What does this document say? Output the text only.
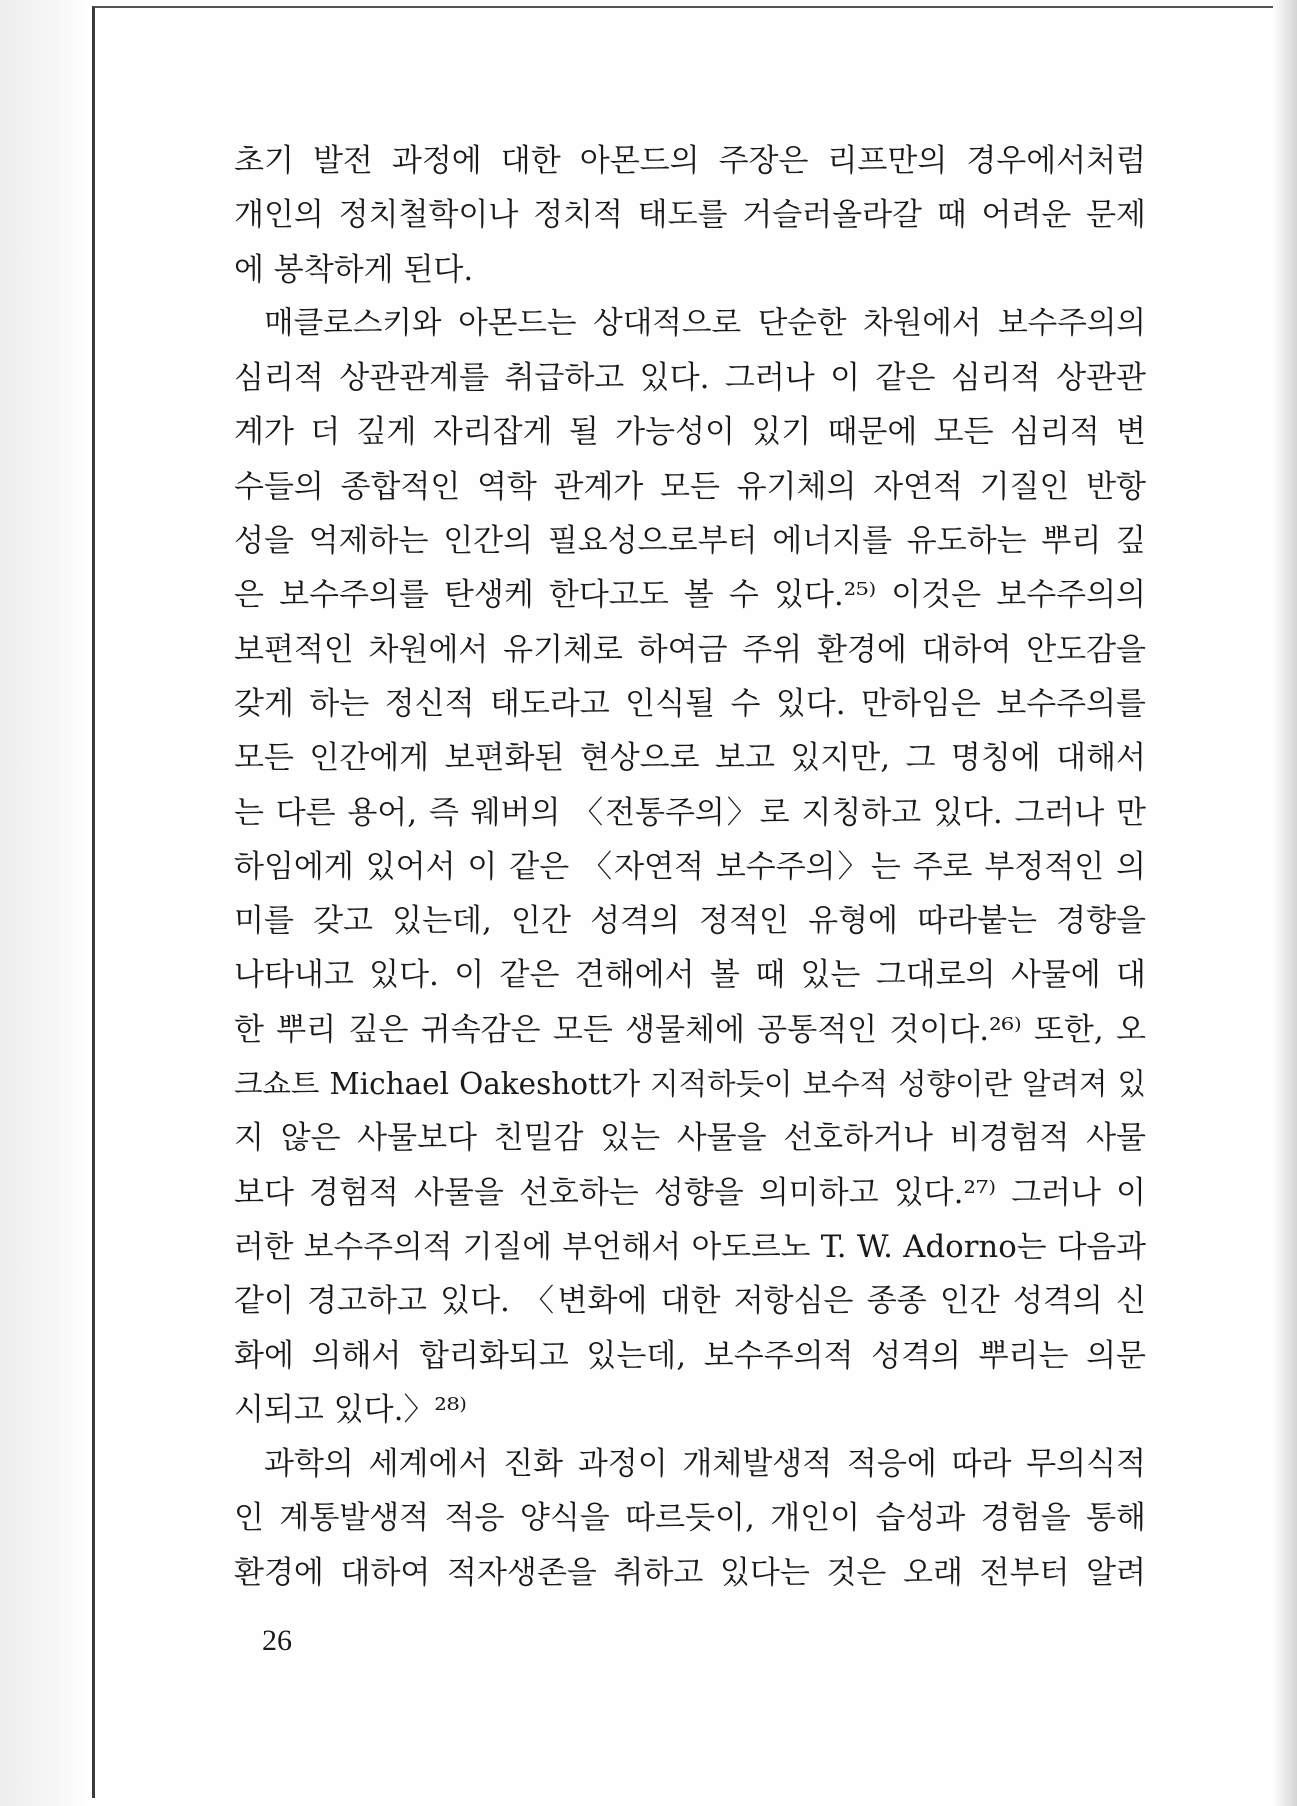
초기 발전 과정에 대한 아몬드의 주장은 리프만의 경우에서처럼
개인의 정치철학이나 정치적 태도를 거슬러올라갈 때 어려운 문제
에 봉착하게 된다.
매클로스키와 아몬드는 상대적으로 단순한 차원에서 보수주의의
심리적 상관관계를 취급하고 있다. 그러나 이 같은 심리적 상관관
계가 더 깊게 자리잡게 될 가능성이 있기 때문에 모든 심리적 변
수들의 종합적인 역학 관계가 모든 유기체의 자연적 기질인 반항
성을 억제하는 인간의 필요성으로부터 에너지를 유도하는 뿌리 깊
은 보수주의를 탄생케 한다고도 볼 수 있다.²⁵⁾ 이것은 보수주의의
보편적인 차원에서 유기체로 하여금 주위 환경에 대하여 안도감을
갖게 하는 정신적 태도라고 인식될 수 있다. 만하임은 보수주의를
모든 인간에게 보편화된 현상으로 보고 있지만, 그 명칭에 대해서
는 다른 용어, 즉 웨버의 〈전통주의〉로 지칭하고 있다. 그러나 만
하임에게 있어서 이 같은 〈자연적 보수주의〉는 주로 부정적인 의
미를 갖고 있는데, 인간 성격의 정적인 유형에 따라붙는 경향을
나타내고 있다. 이 같은 견해에서 볼 때 있는 그대로의 사물에 대
한 뿌리 깊은 귀속감은 모든 생물체에 공통적인 것이다.²⁶⁾ 또한, 오
크쇼트 Michael Oakeshott가 지적하듯이 보수적 성향이란 알려져 있
지 않은 사물보다 친밀감 있는 사물을 선호하거나 비경험적 사물
보다 경험적 사물을 선호하는 성향을 의미하고 있다.²⁷⁾ 그러나 이
러한 보수주의적 기질에 부언해서 아도르노 T. W. Adorno는 다음과
같이 경고하고 있다. 〈변화에 대한 저항심은 종종 인간 성격의 신
화에 의해서 합리화되고 있는데, 보수주의적 성격의 뿌리는 의문
시되고 있다.〉²⁸⁾
과학의 세계에서 진화 과정이 개체발생적 적응에 따라 무의식적
인 계통발생적 적응 양식을 따르듯이, 개인이 습성과 경험을 통해
환경에 대하여 적자생존을 취하고 있다는 것은 오래 전부터 알려
26
